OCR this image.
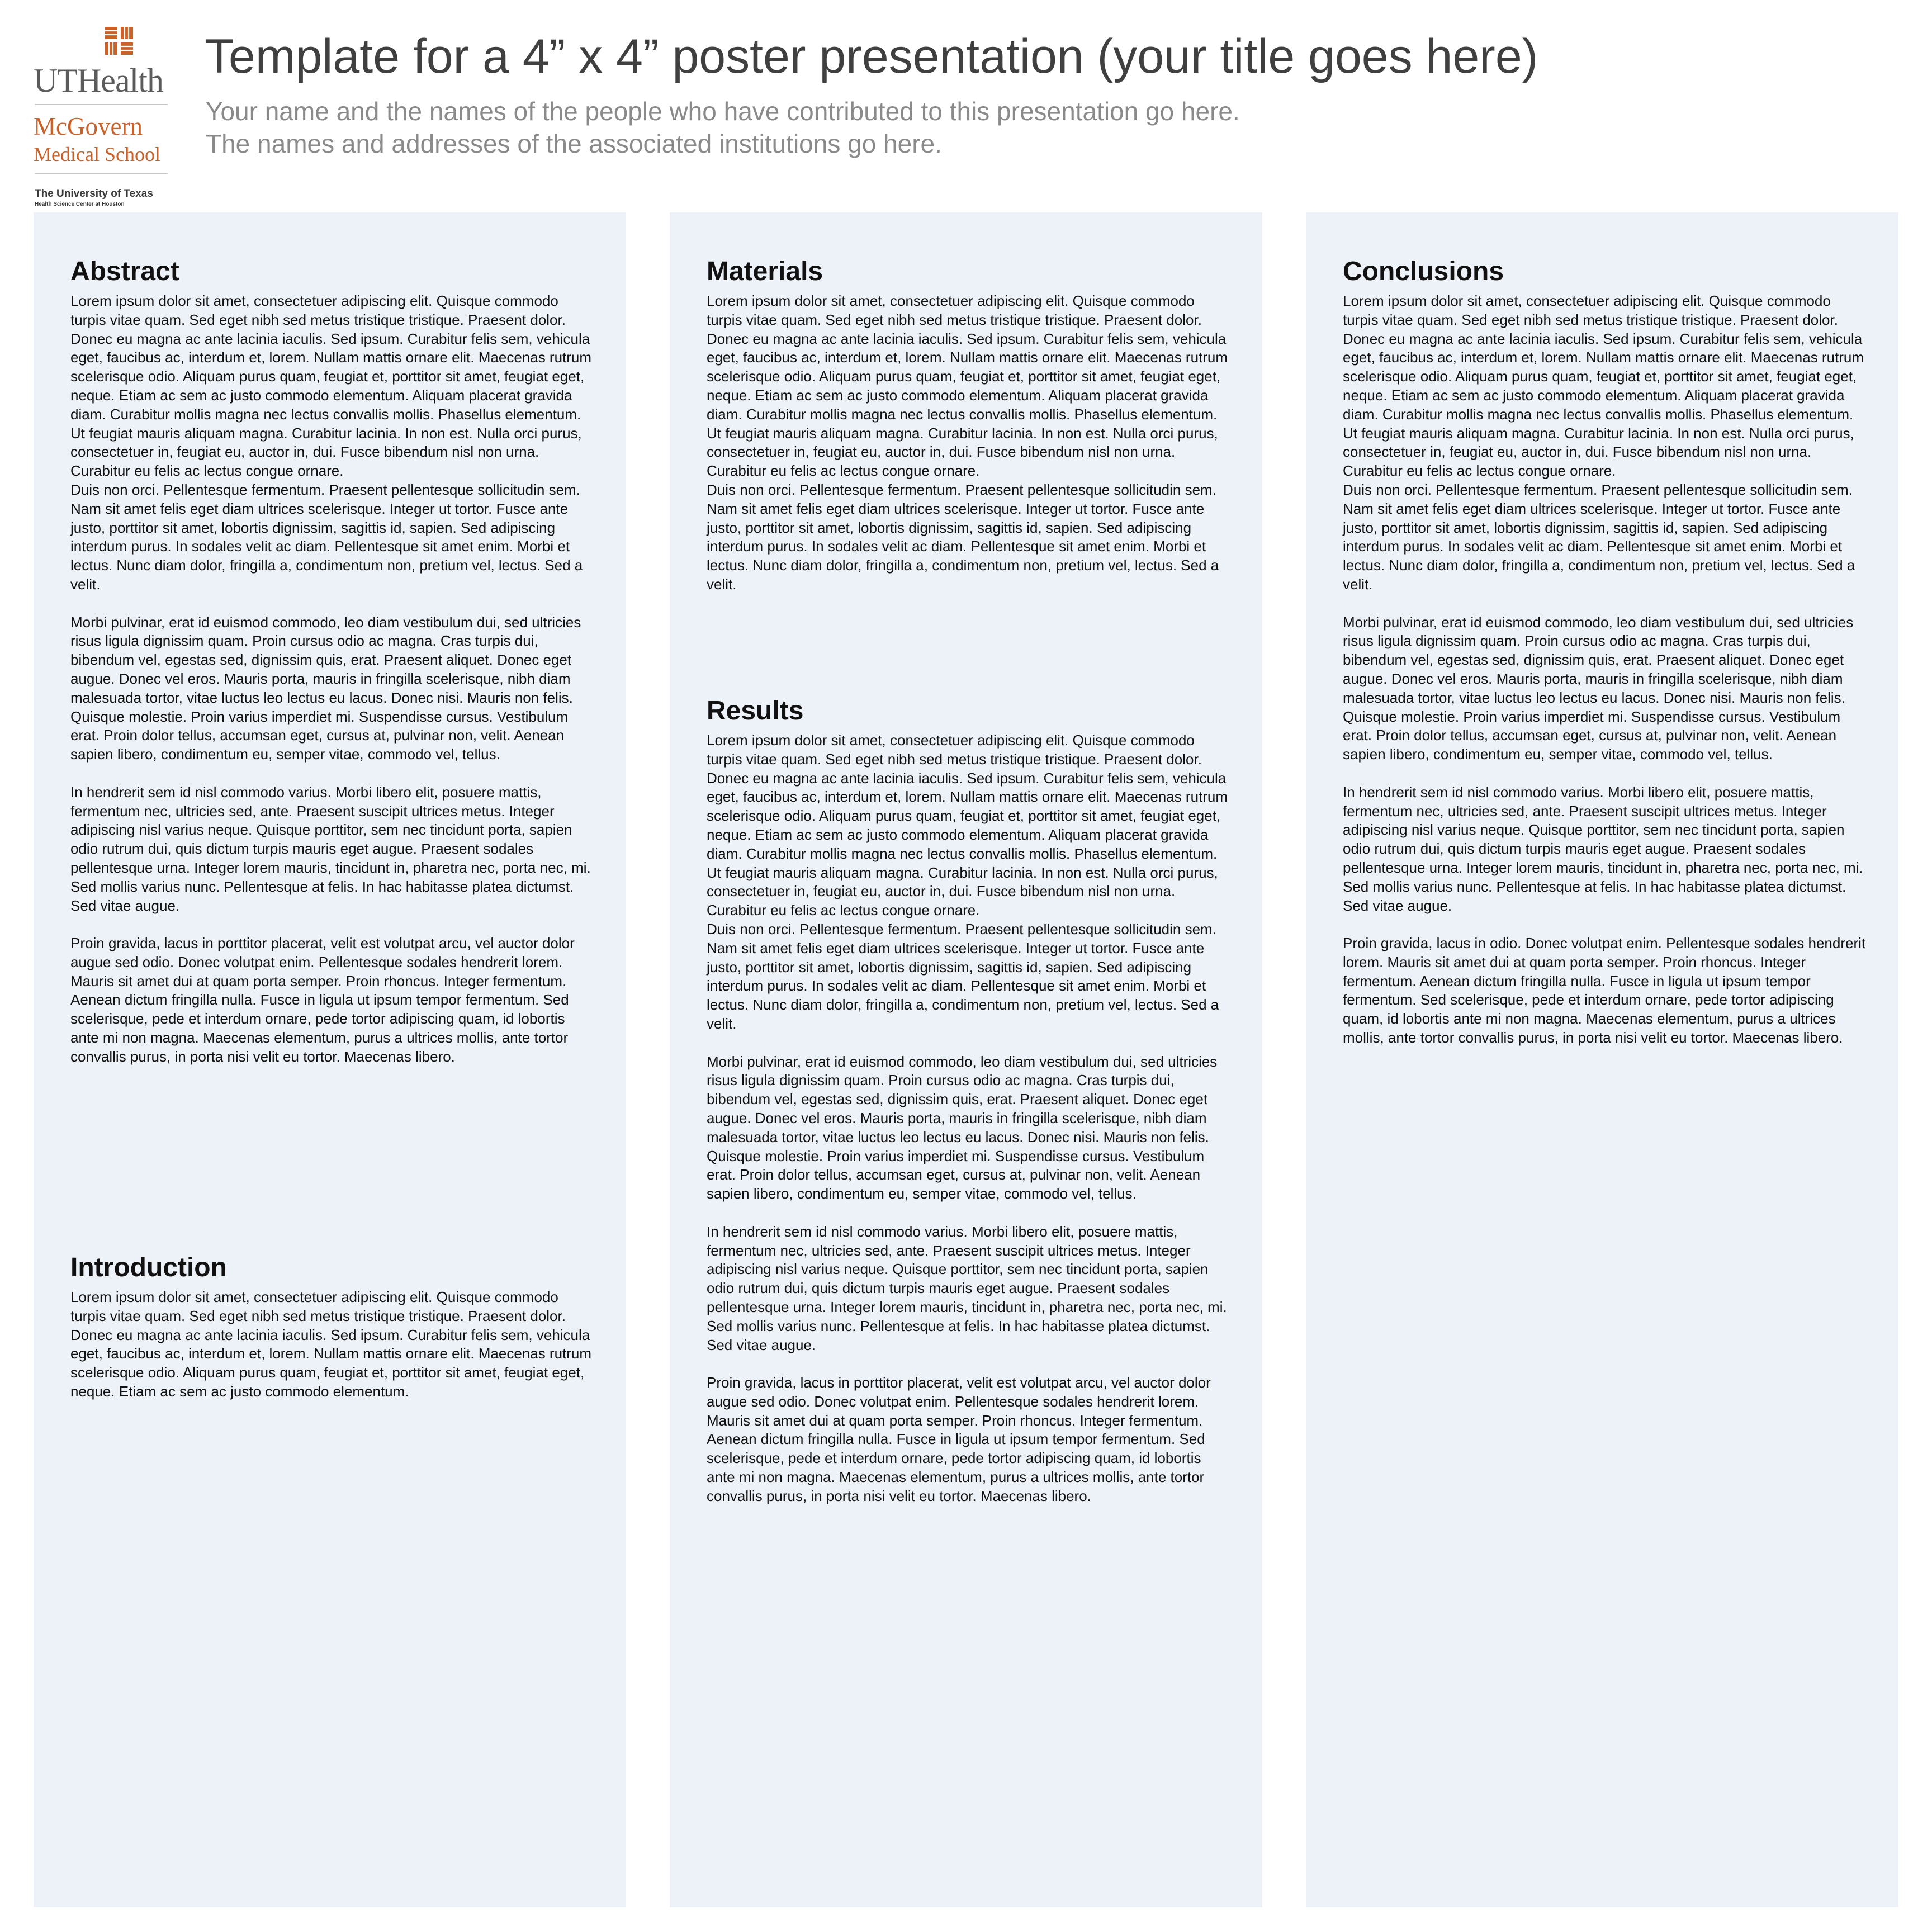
UTHealth
McGovern
Medical School
The University of Texas
Health Science Center at Houston
Template for a 4” x 4” poster presentation (your title goes here)
Your name and the names of the people who have contributed to this presentation go here.
The names and addresses of the associated institutions go here.
Abstract

Lorem ipsum dolor sit amet, consectetuer adipiscing elit. Quisque commodo turpis vitae quam. Sed eget nibh sed metus tristique tristique. Praesent dolor. Donec eu magna ac ante lacinia iaculis. Sed ipsum. Curabitur felis sem, vehicula eget, faucibus ac, interdum et, lorem. Nullam mattis ornare elit. Maecenas rutrum scelerisque odio. Aliquam purus quam, feugiat et, porttitor sit amet, feugiat eget, neque. Etiam ac sem ac justo commodo elementum. Aliquam placerat gravida diam. Curabitur mollis magna nec lectus convallis mollis. Phasellus elementum. Ut feugiat mauris aliquam magna. Curabitur lacinia. In non est. Nulla orci purus, consectetuer in, feugiat eu, auctor in, dui. Fusce bibendum nisl non urna. Curabitur eu felis ac lectus congue ornare.
Duis non orci. Pellentesque fermentum. Praesent pellentesque sollicitudin sem. Nam sit amet felis eget diam ultrices scelerisque. Integer ut tortor. Fusce ante justo, porttitor sit amet, lobortis dignissim, sagittis id, sapien. Sed adipiscing interdum purus. In sodales velit ac diam. Pellentesque sit amet enim. Morbi et lectus. Nunc diam dolor, fringilla a, condimentum non, pretium vel, lectus. Sed a velit.

Morbi pulvinar, erat id euismod commodo, leo diam vestibulum dui, sed ultricies risus ligula dignissim quam. Proin cursus odio ac magna. Cras turpis dui, bibendum vel, egestas sed, dignissim quis, erat. Praesent aliquet. Donec eget augue. Donec vel eros. Mauris porta, mauris in fringilla scelerisque, nibh diam malesuada tortor, vitae luctus leo lectus eu lacus. Donec nisi. Mauris non felis. Quisque molestie. Proin varius imperdiet mi. Suspendisse cursus. Vestibulum erat. Proin dolor tellus, accumsan eget, cursus at, pulvinar non, velit. Aenean sapien libero, condimentum eu, semper vitae, commodo vel, tellus.

In hendrerit sem id nisl commodo varius. Morbi libero elit, posuere mattis, fermentum nec, ultricies sed, ante. Praesent suscipit ultrices metus. Integer adipiscing nisl varius neque. Quisque porttitor, sem nec tincidunt porta, sapien odio rutrum dui, quis dictum turpis mauris eget augue. Praesent sodales pellentesque urna. Integer lorem mauris, tincidunt in, pharetra nec, porta nec, mi. Sed mollis varius nunc. Pellentesque at felis. In hac habitasse platea dictumst. Sed vitae augue.

Proin gravida, lacus in porttitor placerat, velit est volutpat arcu, vel auctor dolor augue sed odio. Donec volutpat enim. Pellentesque sodales hendrerit lorem. Mauris sit amet dui at quam porta semper. Proin rhoncus. Integer fermentum. Aenean dictum fringilla nulla. Fusce in ligula ut ipsum tempor fermentum. Sed scelerisque, pede et interdum ornare, pede tortor adipiscing quam, id lobortis ante mi non magna. Maecenas elementum, purus a ultrices mollis, ante tortor convallis purus, in porta nisi velit eu tortor. Maecenas libero.

Introduction

Lorem ipsum dolor sit amet, consectetuer adipiscing elit. Quisque commodo turpis vitae quam. Sed eget nibh sed metus tristique tristique. Praesent dolor. Donec eu magna ac ante lacinia iaculis. Sed ipsum. Curabitur felis sem, vehicula eget, faucibus ac, interdum et, lorem. Nullam mattis ornare elit. Maecenas rutrum scelerisque odio. Aliquam purus quam, feugiat et, porttitor sit amet, feugiat eget, neque. Etiam ac sem ac justo commodo elementum.

Materials

Lorem ipsum dolor sit amet, consectetuer adipiscing elit. Quisque commodo turpis vitae quam. Sed eget nibh sed metus tristique tristique. Praesent dolor. Donec eu magna ac ante lacinia iaculis. Sed ipsum. Curabitur felis sem, vehicula eget, faucibus ac, interdum et, lorem. Nullam mattis ornare elit. Maecenas rutrum scelerisque odio. Aliquam purus quam, feugiat et, porttitor sit amet, feugiat eget, neque. Etiam ac sem ac justo commodo elementum. Aliquam placerat gravida diam. Curabitur mollis magna nec lectus convallis mollis. Phasellus elementum. Ut feugiat mauris aliquam magna. Curabitur lacinia. In non est. Nulla orci purus, consectetuer in, feugiat eu, auctor in, dui. Fusce bibendum nisl non urna. Curabitur eu felis ac lectus congue ornare.
Duis non orci. Pellentesque fermentum. Praesent pellentesque sollicitudin sem. Nam sit amet felis eget diam ultrices scelerisque. Integer ut tortor. Fusce ante justo, porttitor sit amet, lobortis dignissim, sagittis id, sapien. Sed adipiscing interdum purus. In sodales velit ac diam. Pellentesque sit amet enim. Morbi et lectus. Nunc diam dolor, fringilla a, condimentum non, pretium vel, lectus. Sed a velit.

Results

Lorem ipsum dolor sit amet, consectetuer adipiscing elit. Quisque commodo turpis vitae quam. Sed eget nibh sed metus tristique tristique. Praesent dolor. Donec eu magna ac ante lacinia iaculis. Sed ipsum. Curabitur felis sem, vehicula eget, faucibus ac, interdum et, lorem. Nullam mattis ornare elit. Maecenas rutrum scelerisque odio. Aliquam purus quam, feugiat et, porttitor sit amet, feugiat eget, neque. Etiam ac sem ac justo commodo elementum. Aliquam placerat gravida diam. Curabitur mollis magna nec lectus convallis mollis. Phasellus elementum. Ut feugiat mauris aliquam magna. Curabitur lacinia. In non est. Nulla orci purus, consectetuer in, feugiat eu, auctor in, dui. Fusce bibendum nisl non urna. Curabitur eu felis ac lectus congue ornare.
Duis non orci. Pellentesque fermentum. Praesent pellentesque sollicitudin sem. Nam sit amet felis eget diam ultrices scelerisque. Integer ut tortor. Fusce ante justo, porttitor sit amet, lobortis dignissim, sagittis id, sapien. Sed adipiscing interdum purus. In sodales velit ac diam. Pellentesque sit amet enim. Morbi et lectus. Nunc diam dolor, fringilla a, condimentum non, pretium vel, lectus. Sed a velit.

Morbi pulvinar, erat id euismod commodo, leo diam vestibulum dui, sed ultricies risus ligula dignissim quam. Proin cursus odio ac magna. Cras turpis dui, bibendum vel, egestas sed, dignissim quis, erat. Praesent aliquet. Donec eget augue. Donec vel eros. Mauris porta, mauris in fringilla scelerisque, nibh diam malesuada tortor, vitae luctus leo lectus eu lacus. Donec nisi. Mauris non felis. Quisque molestie. Proin varius imperdiet mi. Suspendisse cursus. Vestibulum erat. Proin dolor tellus, accumsan eget, cursus at, pulvinar non, velit. Aenean sapien libero, condimentum eu, semper vitae, commodo vel, tellus.

In hendrerit sem id nisl commodo varius. Morbi libero elit, posuere mattis, fermentum nec, ultricies sed, ante. Praesent suscipit ultrices metus. Integer adipiscing nisl varius neque. Quisque porttitor, sem nec tincidunt porta, sapien odio rutrum dui, quis dictum turpis mauris eget augue. Praesent sodales pellentesque urna. Integer lorem mauris, tincidunt in, pharetra nec, porta nec, mi. Sed mollis varius nunc. Pellentesque at felis. In hac habitasse platea dictumst. Sed vitae augue.

Proin gravida, lacus in porttitor placerat, velit est volutpat arcu, vel auctor dolor augue sed odio. Donec volutpat enim. Pellentesque sodales hendrerit lorem. Mauris sit amet dui at quam porta semper. Proin rhoncus. Integer fermentum. Aenean dictum fringilla nulla. Fusce in ligula ut ipsum tempor fermentum. Sed scelerisque, pede et interdum ornare, pede tortor adipiscing quam, id lobortis ante mi non magna. Maecenas elementum, purus a ultrices mollis, ante tortor convallis purus, in porta nisi velit eu tortor. Maecenas libero.

Conclusions

Lorem ipsum dolor sit amet, consectetuer adipiscing elit. Quisque commodo turpis vitae quam. Sed eget nibh sed metus tristique tristique. Praesent dolor. Donec eu magna ac ante lacinia iaculis. Sed ipsum. Curabitur felis sem, vehicula eget, faucibus ac, interdum et, lorem. Nullam mattis ornare elit. Maecenas rutrum scelerisque odio. Aliquam purus quam, feugiat et, porttitor sit amet, feugiat eget, neque. Etiam ac sem ac justo commodo elementum. Aliquam placerat gravida diam. Curabitur mollis magna nec lectus convallis mollis. Phasellus elementum. Ut feugiat mauris aliquam magna. Curabitur lacinia. In non est. Nulla orci purus, consectetuer in, feugiat eu, auctor in, dui. Fusce bibendum nisl non urna. Curabitur eu felis ac lectus congue ornare.
Duis non orci. Pellentesque fermentum. Praesent pellentesque sollicitudin sem. Nam sit amet felis eget diam ultrices scelerisque. Integer ut tortor. Fusce ante justo, porttitor sit amet, lobortis dignissim, sagittis id, sapien. Sed adipiscing interdum purus. In sodales velit ac diam. Pellentesque sit amet enim. Morbi et lectus. Nunc diam dolor, fringilla a, condimentum non, pretium vel, lectus. Sed a velit.

Morbi pulvinar, erat id euismod commodo, leo diam vestibulum dui, sed ultricies risus ligula dignissim quam. Proin cursus odio ac magna. Cras turpis dui, bibendum vel, egestas sed, dignissim quis, erat. Praesent aliquet. Donec eget augue. Donec vel eros. Mauris porta, mauris in fringilla scelerisque, nibh diam malesuada tortor, vitae luctus leo lectus eu lacus. Donec nisi. Mauris non felis. Quisque molestie. Proin varius imperdiet mi. Suspendisse cursus. Vestibulum erat. Proin dolor tellus, accumsan eget, cursus at, pulvinar non, velit. Aenean sapien libero, condimentum eu, semper vitae, commodo vel, tellus.

In hendrerit sem id nisl commodo varius. Morbi libero elit, posuere mattis, fermentum nec, ultricies sed, ante. Praesent suscipit ultrices metus. Integer adipiscing nisl varius neque. Quisque porttitor, sem nec tincidunt porta, sapien odio rutrum dui, quis dictum turpis mauris eget augue. Praesent sodales pellentesque urna. Integer lorem mauris, tincidunt in, pharetra nec, porta nec, mi. Sed mollis varius nunc. Pellentesque at felis. In hac habitasse platea dictumst. Sed vitae augue.

Proin gravida, lacus in odio. Donec volutpat enim. Pellentesque sodales hendrerit lorem. Mauris sit amet dui at quam porta semper. Proin rhoncus. Integer fermentum. Aenean dictum fringilla nulla. Fusce in ligula ut ipsum tempor fermentum. Sed scelerisque, pede et interdum ornare, pede tortor adipiscing quam, id lobortis ante mi non magna. Maecenas elementum, purus a ultrices mollis, ante tortor convallis purus, in porta nisi velit eu tortor. Maecenas libero.
